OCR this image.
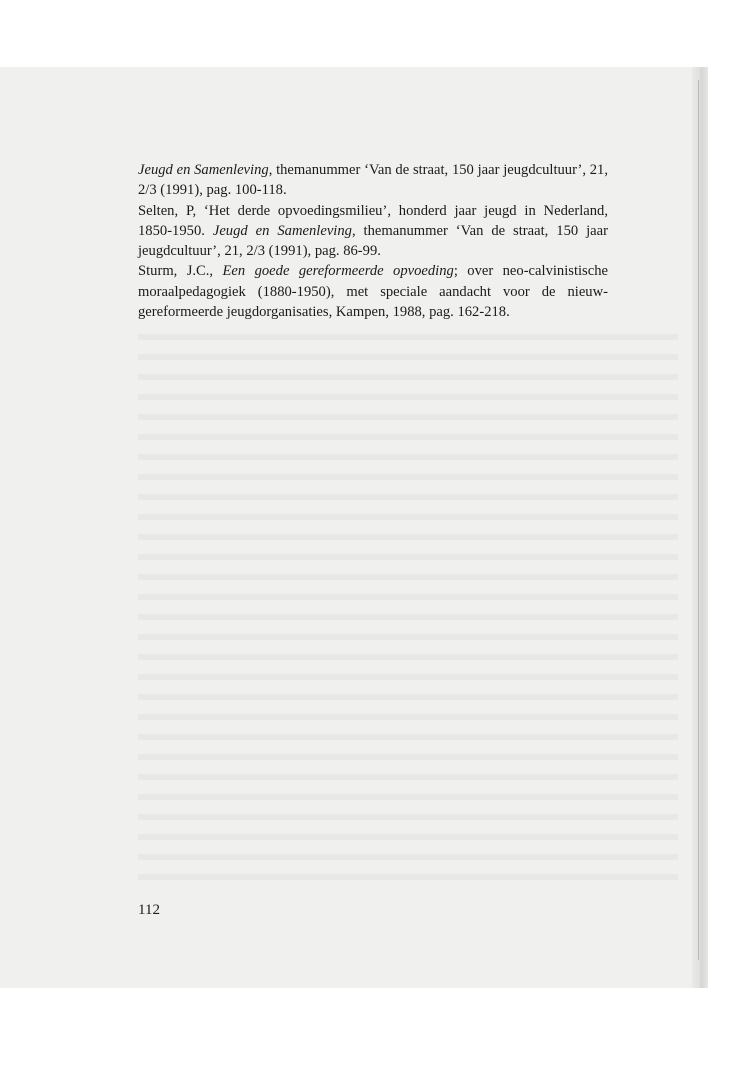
Jeugd en Samenleving, themanummer ‘Van de straat, 150 jaar jeugdcultuur’, 21, 2/3 (1991), pag. 100-118.

Selten, P, ‘Het derde opvoedingsmilieu’, honderd jaar jeugd in Nederland, 1850-1950. Jeugd en Samenleving, themanummer ‘Van de straat, 150 jaar jeugdcultuur’, 21, 2/3 (1991), pag. 86-99.

Sturm, J.C., Een goede gereformeerde opvoeding; over neo-calvinistische moraalpedagogiek (1880-1950), met speciale aandacht voor de nieuw-gereformeerde jeugdorganisaties, Kampen, 1988, pag. 162-218.

112
